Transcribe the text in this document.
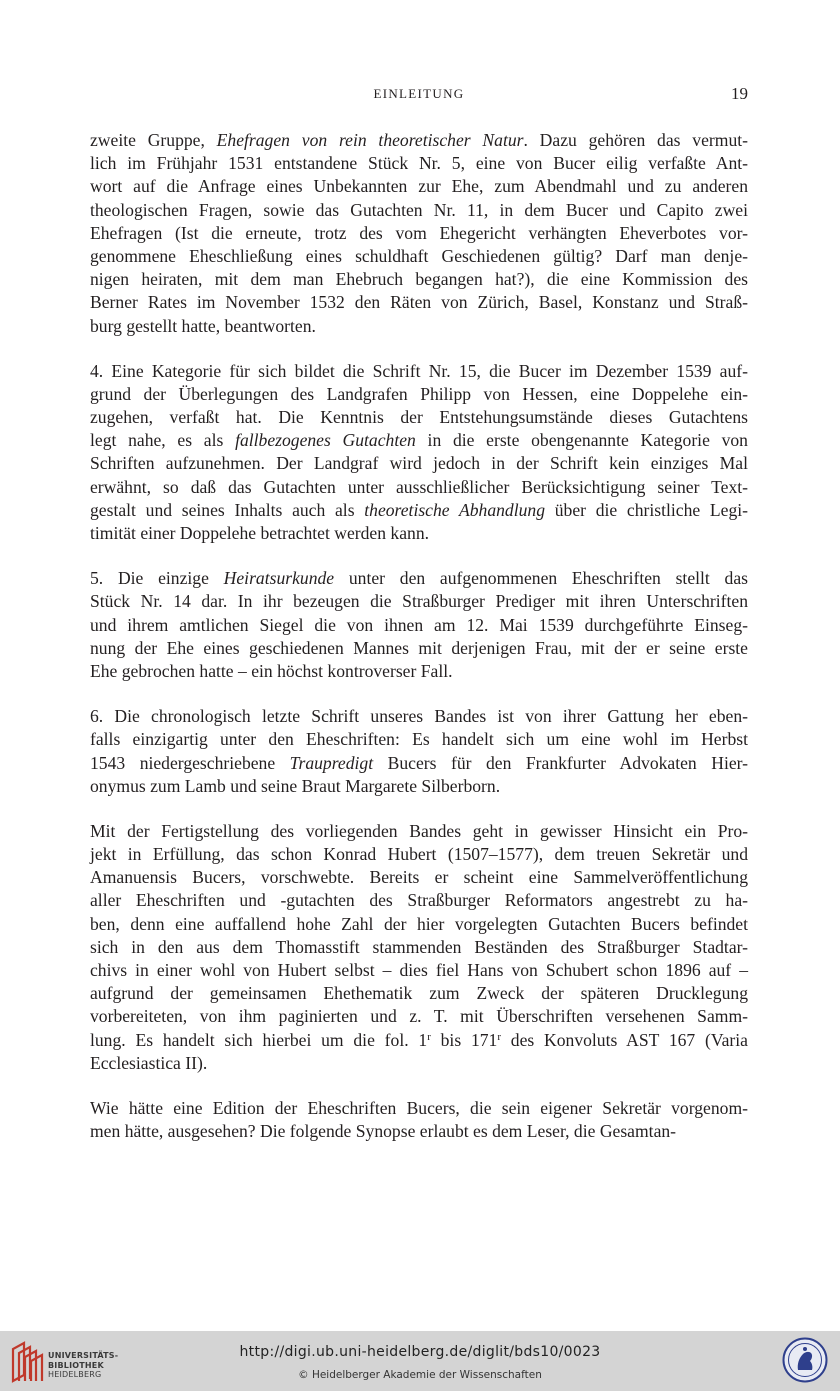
EINLEITUNG	19
zweite Gruppe, Ehefragen von rein theoretischer Natur. Dazu gehören das vermut-
lich im Frühjahr 1531 entstandene Stück Nr. 5, eine von Bucer eilig verfaßte Ant-
wort auf die Anfrage eines Unbekannten zur Ehe, zum Abendmahl und zu anderen
theologischen Fragen, sowie das Gutachten Nr. 11, in dem Bucer und Capito zwei
Ehefragen (Ist die erneute, trotz des vom Ehegericht verhängten Eheverbotes vor-
genommene Eheschließung eines schuldhaft Geschiedenen gültig? Darf man denje-
nigen heiraten, mit dem man Ehebruch begangen hat?), die eine Kommission des
Berner Rates im November 1532 den Räten von Zürich, Basel, Konstanz und Straß-
burg gestellt hatte, beantworten.
4. Eine Kategorie für sich bildet die Schrift Nr. 15, die Bucer im Dezember 1539 auf-
grund der Überlegungen des Landgrafen Philipp von Hessen, eine Doppelehe ein-
zugehen, verfaßt hat. Die Kenntnis der Entstehungsumstände dieses Gutachtens
legt nahe, es als fallbezogenes Gutachten in die erste obengenannte Kategorie von
Schriften aufzunehmen. Der Landgraf wird jedoch in der Schrift kein einziges Mal
erwähnt, so daß das Gutachten unter ausschließlicher Berücksichtigung seiner Text-
gestalt und seines Inhalts auch als theoretische Abhandlung über die christliche Legi-
timität einer Doppelehe betrachtet werden kann.
5. Die einzige Heiratsurkunde unter den aufgenommenen Eheschriften stellt das
Stück Nr. 14 dar. In ihr bezeugen die Straßburger Prediger mit ihren Unterschriften
und ihrem amtlichen Siegel die von ihnen am 12. Mai 1539 durchgeführte Einseg-
nung der Ehe eines geschiedenen Mannes mit derjenigen Frau, mit der er seine erste
Ehe gebrochen hatte – ein höchst kontroverser Fall.
6. Die chronologisch letzte Schrift unseres Bandes ist von ihrer Gattung her eben-
falls einzigartig unter den Eheschriften: Es handelt sich um eine wohl im Herbst
1543 niedergeschriebene Traupredigt Bucers für den Frankfurter Advokaten Hier-
onymus zum Lamb und seine Braut Margarete Silberborn.
Mit der Fertigstellung des vorliegenden Bandes geht in gewisser Hinsicht ein Pro-
jekt in Erfüllung, das schon Konrad Hubert (1507–1577), dem treuen Sekretär und
Amanuensis Bucers, vorschwebte. Bereits er scheint eine Sammelveröffentlichung
aller Eheschriften und -gutachten des Straßburger Reformators angestrebt zu ha-
ben, denn eine auffallend hohe Zahl der hier vorgelegten Gutachten Bucers befindet
sich in den aus dem Thomasstift stammenden Beständen des Straßburger Stadtar-
chivs in einer wohl von Hubert selbst – dies fiel Hans von Schubert schon 1896 auf –
aufgrund der gemeinsamen Ehethematik zum Zweck der späteren Drucklegung
vorbereiteten, von ihm paginierten und z. T. mit Überschriften versehenen Samm-
lung. Es handelt sich hierbei um die fol. 1$^r$ bis 171$^r$ des Konvoluts AST 167 (Varia
Ecclesiastica II).
Wie hätte eine Edition der Eheschriften Bucers, die sein eigener Sekretär vorgenom-
men hätte, ausgesehen? Die folgende Synopse erlaubt es dem Leser, die Gesamtan-
UNIVERSITÄTS-
BIBLIOTHEK
HEIDELBERG
http://digi.ub.uni-heidelberg.de/diglit/bds10/0023
© Heidelberger Akademie der Wissenschaften
